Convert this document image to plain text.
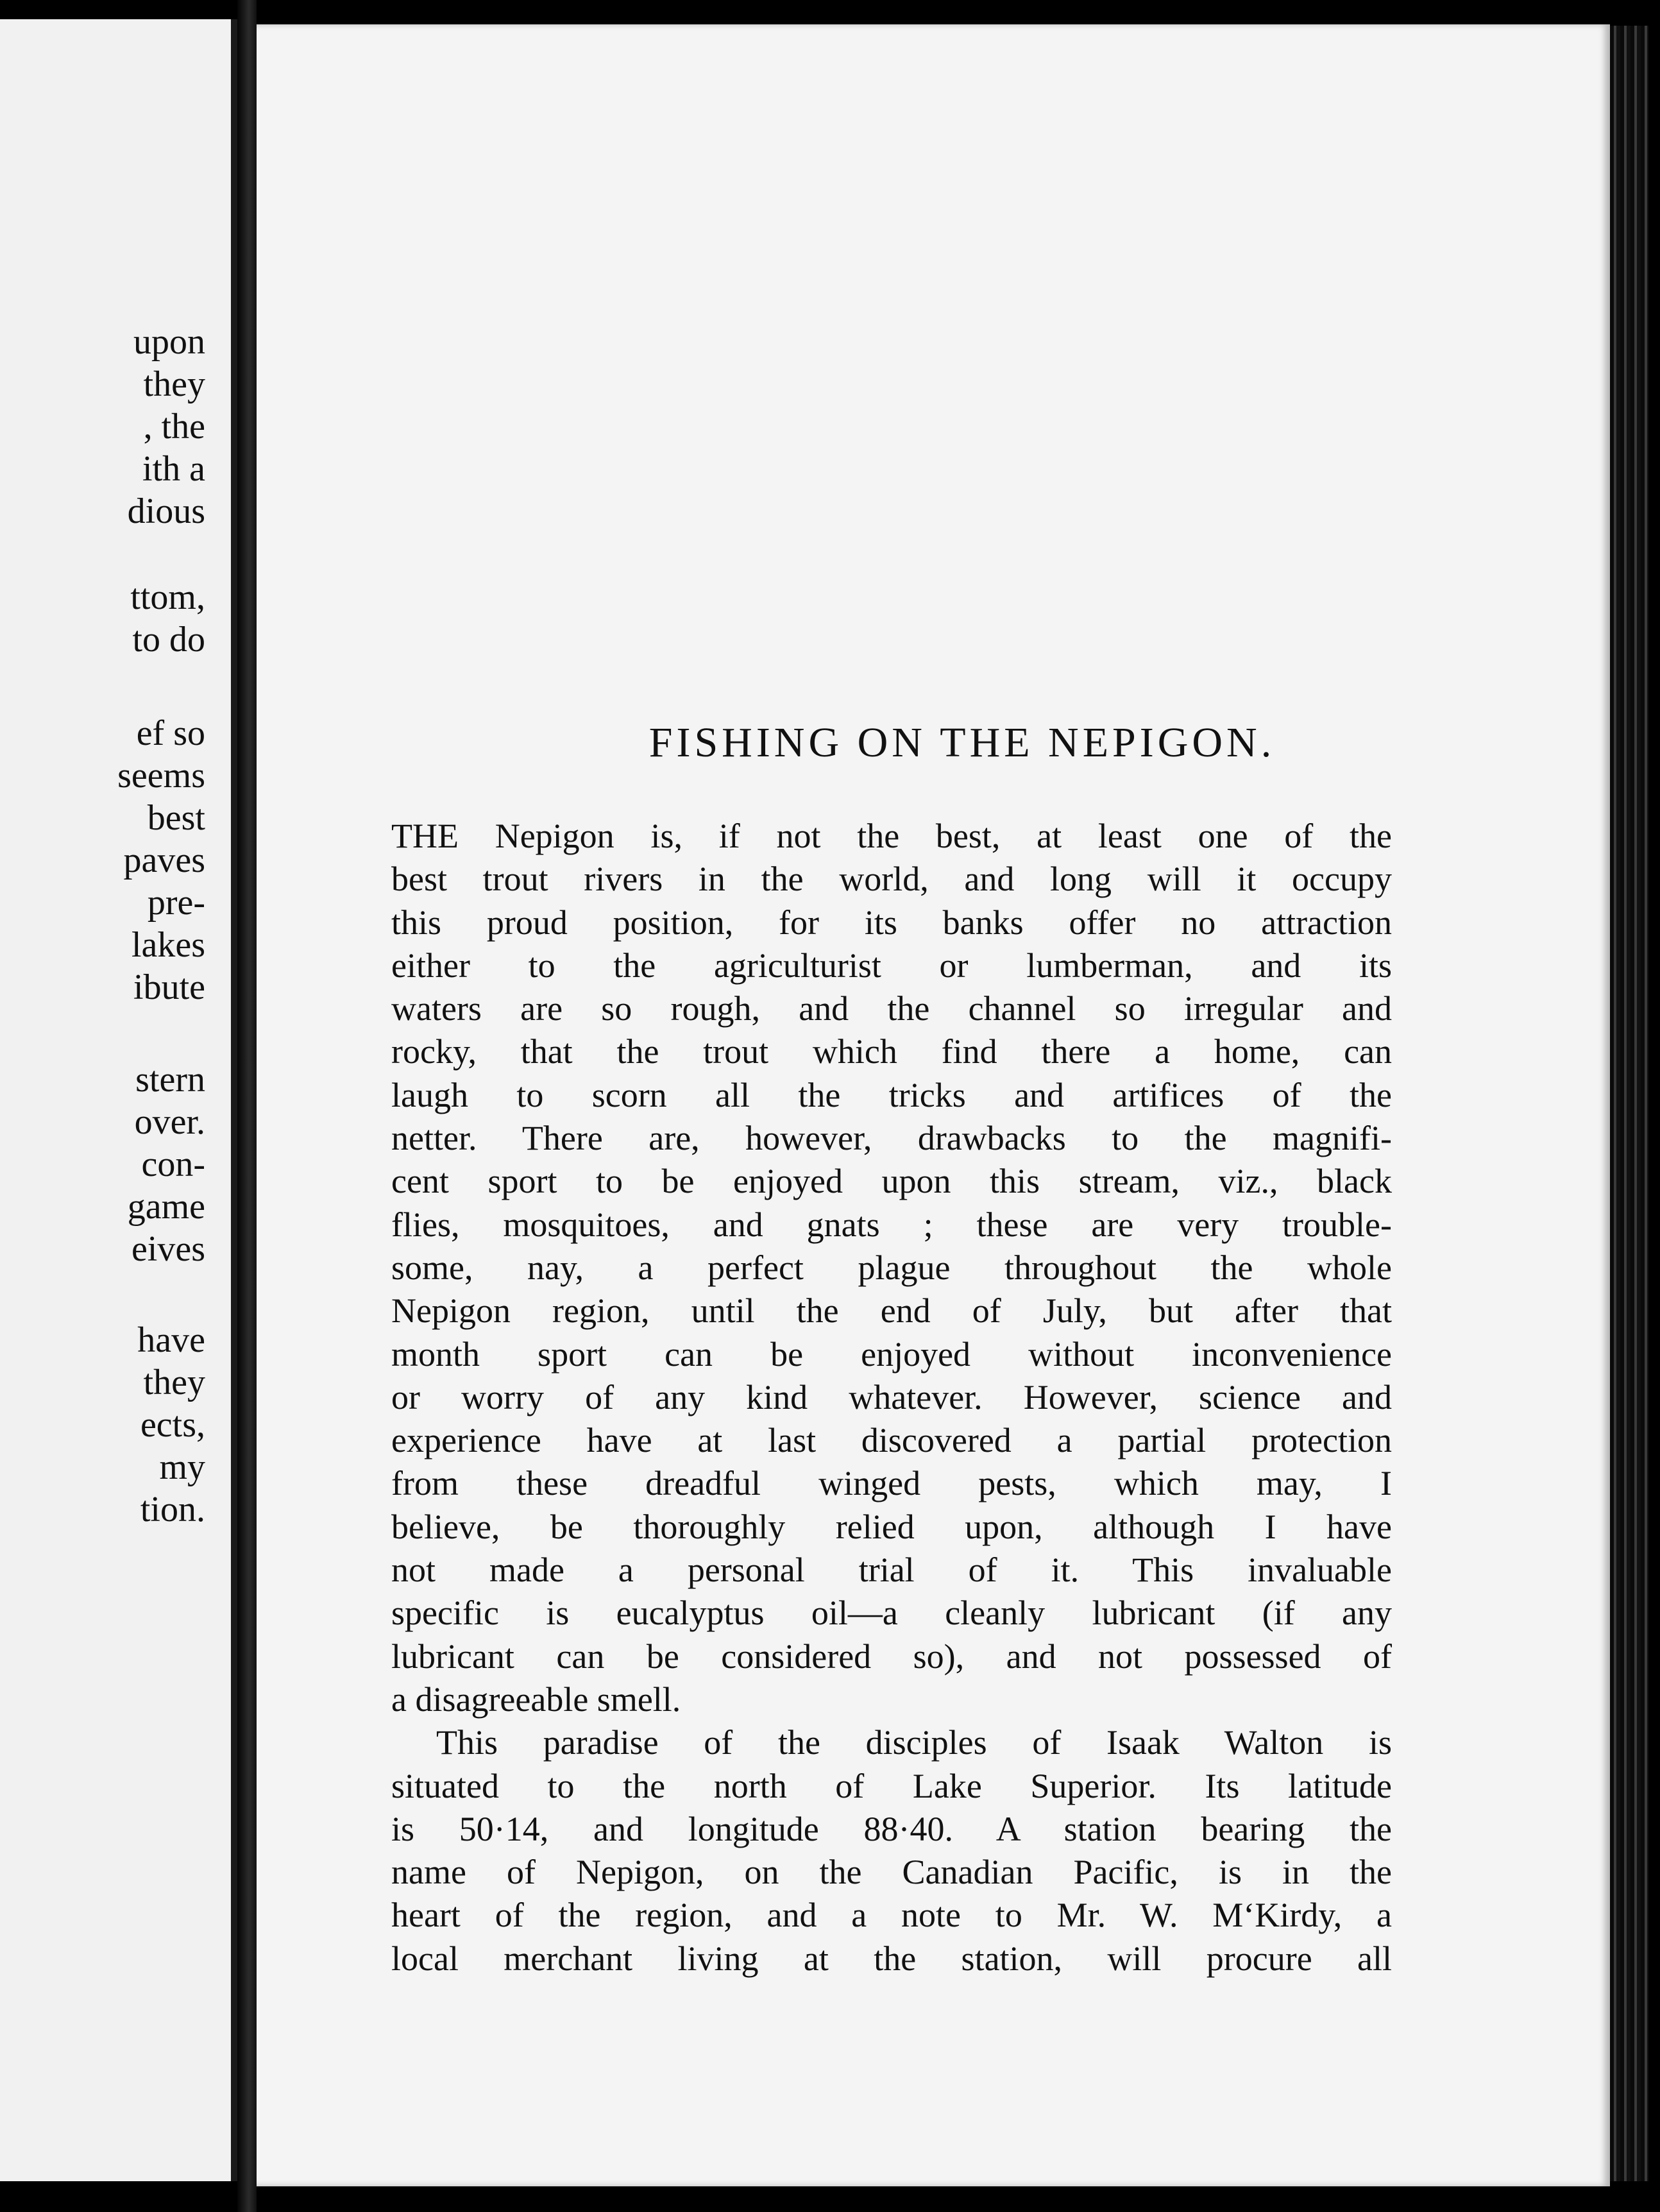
upon
they
, the
ith a
dious
ttom,
to do
ef so
seems
best
paves
pre-
lakes
ibute
stern
over.
con-
game
eives
have
they
ects,
my
tion.
FISHING ON THE NEPIGON.

THE Nepigon is, if not the best, at least one of the
best trout rivers in the world, and long will it occupy
this proud position, for its banks offer no attraction
either to the agriculturist or lumberman, and its
waters are so rough, and the channel so irregular and
rocky, that the trout which find there a home, can
laugh to scorn all the tricks and artifices of the
netter. There are, however, drawbacks to the magnifi-
cent sport to be enjoyed upon this stream, viz., black
flies, mosquitoes, and gnats ; these are very trouble-
some, nay, a perfect plague throughout the whole
Nepigon region, until the end of July, but after that
month sport can be enjoyed without inconvenience
or worry of any kind whatever. However, science and
experience have at last discovered a partial protection
from these dreadful winged pests, which may, I
believe, be thoroughly relied upon, although I have
not made a personal trial of it. This invaluable
specific is eucalyptus oil—a cleanly lubricant (if any
lubricant can be considered so), and not possessed of
a disagreeable smell.

This paradise of the disciples of Isaak Walton is
situated to the north of Lake Superior. Its latitude
is 50·14, and longitude 88·40. A station bearing the
name of Nepigon, on the Canadian Pacific, is in the
heart of the region, and a note to Mr. W. M‘Kirdy, a
local merchant living at the station, will procure all
